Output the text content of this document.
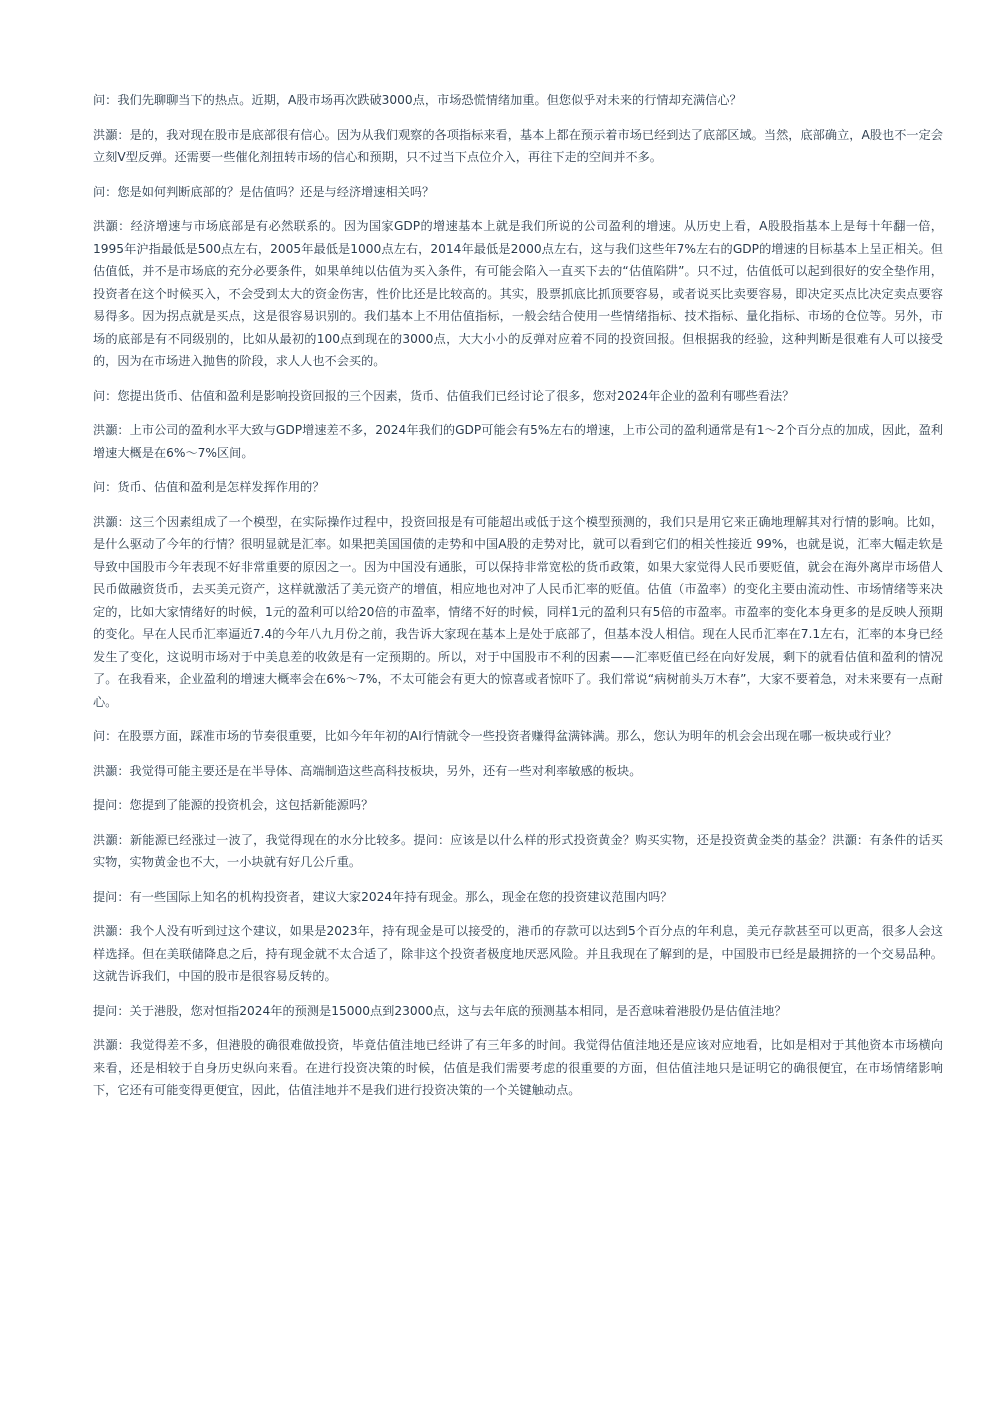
问：我们先聊聊当下的热点。近期，A股市场再次跌破3000点，市场恐慌情绪加重。但您似乎对未来的行情却充满信心？

洪灝：是的，我对现在股市是底部很有信心。因为从我们观察的各项指标来看，基本上都在预示着市场已经到达了底部区域。当然，底部确立，A股也不一定会立刻V型反弹。还需要一些催化剂扭转市场的信心和预期，只不过当下点位介入，再往下走的空间并不多。

问：您是如何判断底部的？是估值吗？还是与经济增速相关吗？

洪灝：经济增速与市场底部是有必然联系的。因为国家GDP的增速基本上就是我们所说的公司盈利的增速。从历史上看，A股股指基本上是每十年翻一倍， 1995年沪指最低是500点左右，2005年最低是1000点左右，2014年最低是2000点左右，这与我们这些年7%左右的GDP的增速的目标基本上呈正相关。但估值低，并不是市场底的充分必要条件，如果单纯以估值为买入条件，有可能会陷入一直买下去的“估值陷阱”。只不过，估值低可以起到很好的安全垫作用，投资者在这个时候买入，不会受到太大的资金伤害，性价比还是比较高的。其实，股票抓底比抓顶要容易，或者说买比卖要容易，即决定买点比决定卖点要容易得多。因为拐点就是买点，这是很容易识别的。我们基本上不用估值指标，一般会结合使用一些情绪指标、技术指标、量化指标、市场的仓位等。另外，市场的底部是有不同级别的，比如从最初的100点到现在的3000点，大大小小的反弹对应着不同的投资回报。但根据我的经验，这种判断是很难有人可以接受的，因为在市场进入抛售的阶段，求人人也不会买的。

问：您提出货币、估值和盈利是影响投资回报的三个因素，货币、估值我们已经讨论了很多，您对2024年企业的盈利有哪些看法？

洪灝：上市公司的盈利水平大致与GDP增速差不多，2024年我们的GDP可能会有5%左右的增速，上市公司的盈利通常是有1～2个百分点的加成，因此，盈利增速大概是在6%～7%区间。

问：货币、估值和盈利是怎样发挥作用的？

洪灝：这三个因素组成了一个模型，在实际操作过程中，投资回报是有可能超出或低于这个模型预测的，我们只是用它来正确地理解其对行情的影响。比如，是什么驱动了今年的行情？很明显就是汇率。如果把美国国债的走势和中国A股的走势对比，就可以看到它们的相关性接近 99%，也就是说，汇率大幅走软是导致中国股市今年表现不好非常重要的原因之一。因为中国没有通胀，可以保持非常宽松的货币政策，如果大家觉得人民币要贬值，就会在海外离岸市场借人民币做融资货币，去买美元资产，这样就激活了美元资产的增值，相应地也对冲了人民币汇率的贬值。估值（市盈率）的变化主要由流动性、市场情绪等来决定的，比如大家情绪好的时候，1元的盈利可以给20倍的市盈率，情绪不好的时候，同样1元的盈利只有5倍的市盈率。市盈率的变化本身更多的是反映人预期的变化。早在人民币汇率逼近7.4的今年八九月份之前，我告诉大家现在基本上是处于底部了，但基本没人相信。现在人民币汇率在7.1左右，汇率的本身已经发生了变化，这说明市场对于中美息差的收敛是有一定预期的。所以，对于中国股市不利的因素——汇率贬值已经在向好发展，剩下的就看估值和盈利的情况了。在我看来，企业盈利的增速大概率会在6%～7%，不太可能会有更大的惊喜或者惊吓了。我们常说“病树前头万木春”，大家不要着急，对未来要有一点耐心。

问：在股票方面，踩准市场的节奏很重要，比如今年年初的AI行情就令一些投资者赚得盆满钵满。那么，您认为明年的机会会出现在哪一板块或行业？

洪灝：我觉得可能主要还是在半导体、高端制造这些高科技板块，另外，还有一些对利率敏感的板块。

提问：您提到了能源的投资机会，这包括新能源吗？

洪灝：新能源已经涨过一波了，我觉得现在的水分比较多。提问：应该是以什么样的形式投资黄金？购买实物，还是投资黄金类的基金？洪灝：有条件的话买实物，实物黄金也不大，一小块就有好几公斤重。

提问：有一些国际上知名的机构投资者，建议大家2024年持有现金。那么，现金在您的投资建议范围内吗？

洪灝：我个人没有听到过这个建议，如果是2023年，持有现金是可以接受的，港币的存款可以达到5个百分点的年利息，美元存款甚至可以更高，很多人会这样选择。但在美联储降息之后，持有现金就不太合适了，除非这个投资者极度地厌恶风险。并且我现在了解到的是，中国股市已经是最拥挤的一个交易品种。这就告诉我们，中国的股市是很容易反转的。

提问：关于港股，您对恒指2024年的预测是15000点到23000点，这与去年底的预测基本相同，是否意味着港股仍是估值洼地？

洪灝：我觉得差不多，但港股的确很难做投资，毕竟估值洼地已经讲了有三年多的时间。我觉得估值洼地还是应该对应地看，比如是相对于其他资本市场横向来看，还是相较于自身历史纵向来看。在进行投资决策的时候，估值是我们需要考虑的很重要的方面，但估值洼地只是证明它的确很便宜，在市场情绪影响下，它还有可能变得更便宜，因此，估值洼地并不是我们进行投资决策的一个关键触动点。
